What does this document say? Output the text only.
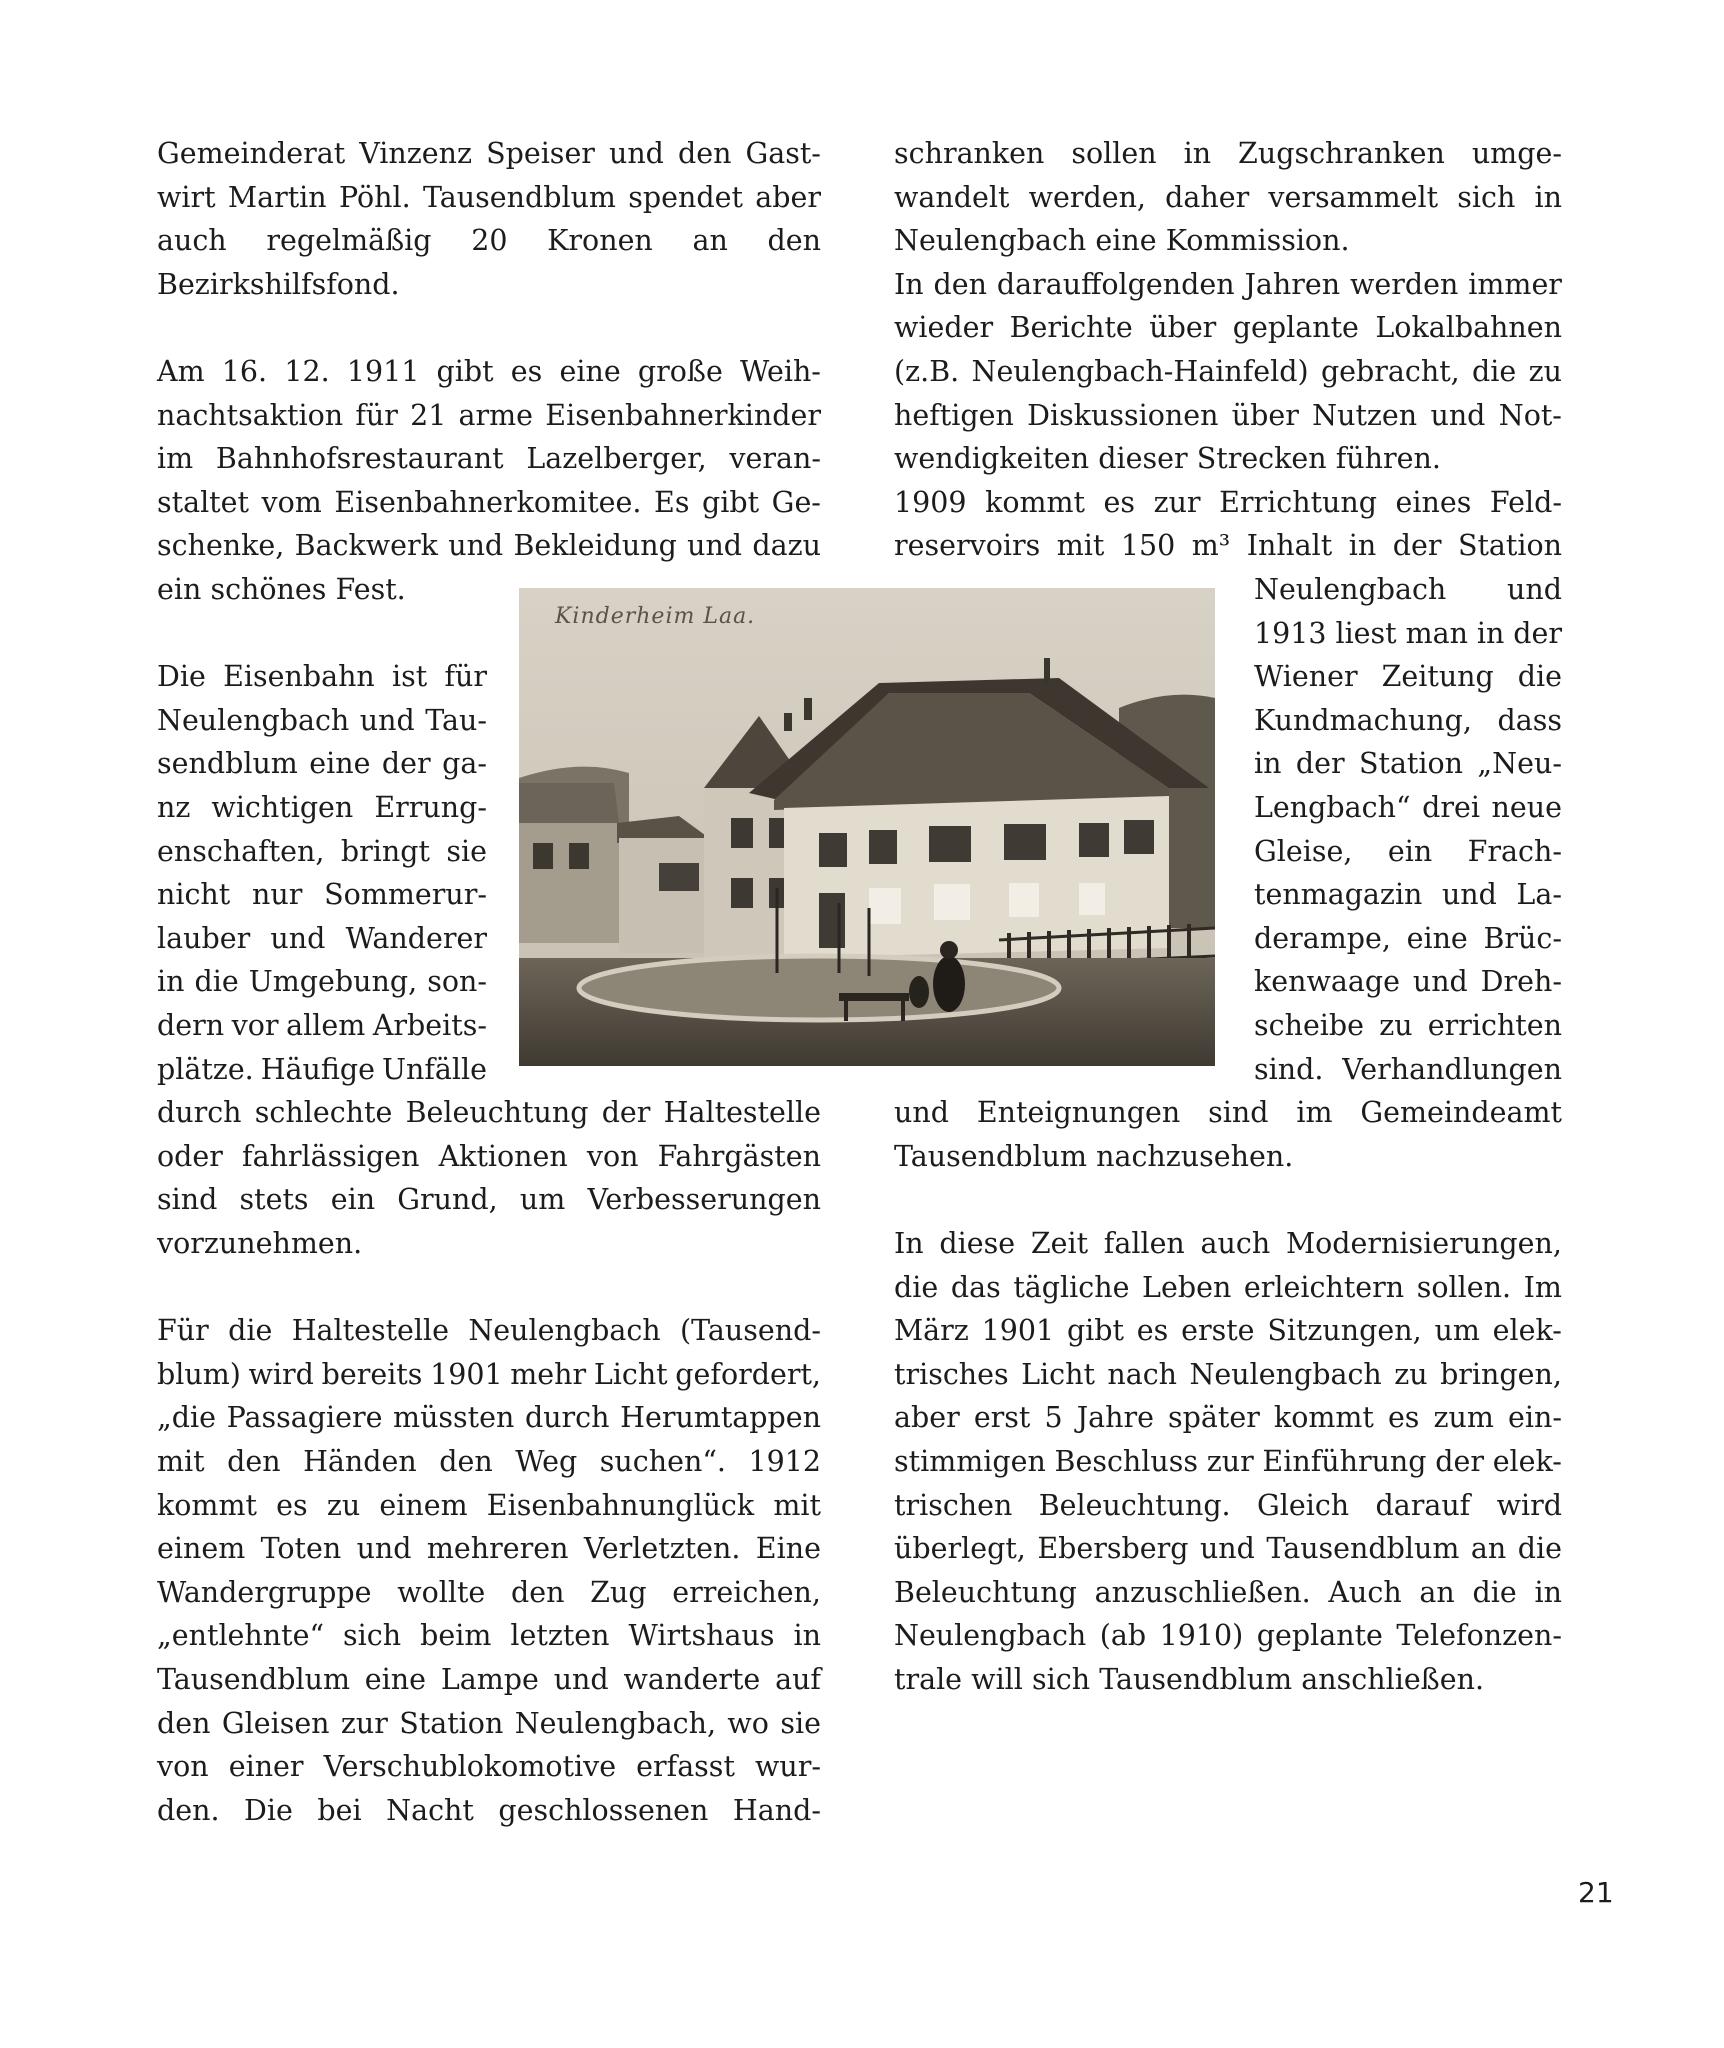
Gemeinderat Vinzenz Speiser und den Gast-
wirt Martin Pöhl. Tausendblum spendet aber
auch regelmäßig 20 Kronen an den
Bezirkshilfsfond.
Am 16. 12. 1911 gibt es eine große Weih-
nachtsaktion für 21 arme Eisenbahnerkinder
im Bahnhofsrestaurant Lazelberger, veran-
staltet vom Eisenbahnerkomitee. Es gibt Ge-
schenke, Backwerk und Bekleidung und dazu
ein schönes Fest.
Die Eisenbahn ist für
Neulengbach und Tau-
sendblum eine der ga-
nz wichtigen Errung-
enschaften, bringt sie
nicht nur Sommerur-
lauber und Wanderer
in die Umgebung, son-
dern vor allem Arbeits-
plätze. Häufige Unfälle
durch schlechte Beleuchtung der Haltestelle
oder fahrlässigen Aktionen von Fahrgästen
sind stets ein Grund, um Verbesserungen
vorzunehmen.
Für die Haltestelle Neulengbach (Tausend-
blum) wird bereits 1901 mehr Licht gefordert,
„die Passagiere müssten durch Herumtappen
mit den Händen den Weg suchen“. 1912
kommt es zu einem Eisenbahnunglück mit
einem Toten und mehreren Verletzten. Eine
Wandergruppe wollte den Zug erreichen,
„entlehnte“ sich beim letzten Wirtshaus in
Tausendblum eine Lampe und wanderte auf
den Gleisen zur Station Neulengbach, wo sie
von einer Verschublokomotive erfasst wur-
den. Die bei Nacht geschlossenen Hand-
schranken sollen in Zugschranken umge-
wandelt werden, daher versammelt sich in
Neulengbach eine Kommission.
In den darauffolgenden Jahren werden immer
wieder Berichte über geplante Lokalbahnen
(z.B. Neulengbach-Hainfeld) gebracht, die zu
heftigen Diskussionen über Nutzen und Not-
wendigkeiten dieser Strecken führen.
1909 kommt es zur Errichtung eines Feld-
reservoirs mit 150 m³ Inhalt in der Station
Neulengbach und
1913 liest man in der
Wiener Zeitung die
Kundmachung, dass
in der Station „Neu-
Lengbach“ drei neue
Gleise, ein Frach-
tenmagazin und La-
derampe, eine Brüc-
kenwaage und Dreh-
scheibe zu errichten
sind. Verhandlungen
und Enteignungen sind im Gemeindeamt
Tausendblum nachzusehen.
In diese Zeit fallen auch Modernisierungen,
die das tägliche Leben erleichtern sollen. Im
März 1901 gibt es erste Sitzungen, um elek-
trisches Licht nach Neulengbach zu bringen,
aber erst 5 Jahre später kommt es zum ein-
stimmigen Beschluss zur Einführung der elek-
trischen Beleuchtung. Gleich darauf wird
überlegt, Ebersberg und Tausendblum an die
Beleuchtung anzuschließen. Auch an die in
Neulengbach (ab 1910) geplante Telefonzen-
trale will sich Tausendblum anschließen.
Kinderheim Laa.
21
